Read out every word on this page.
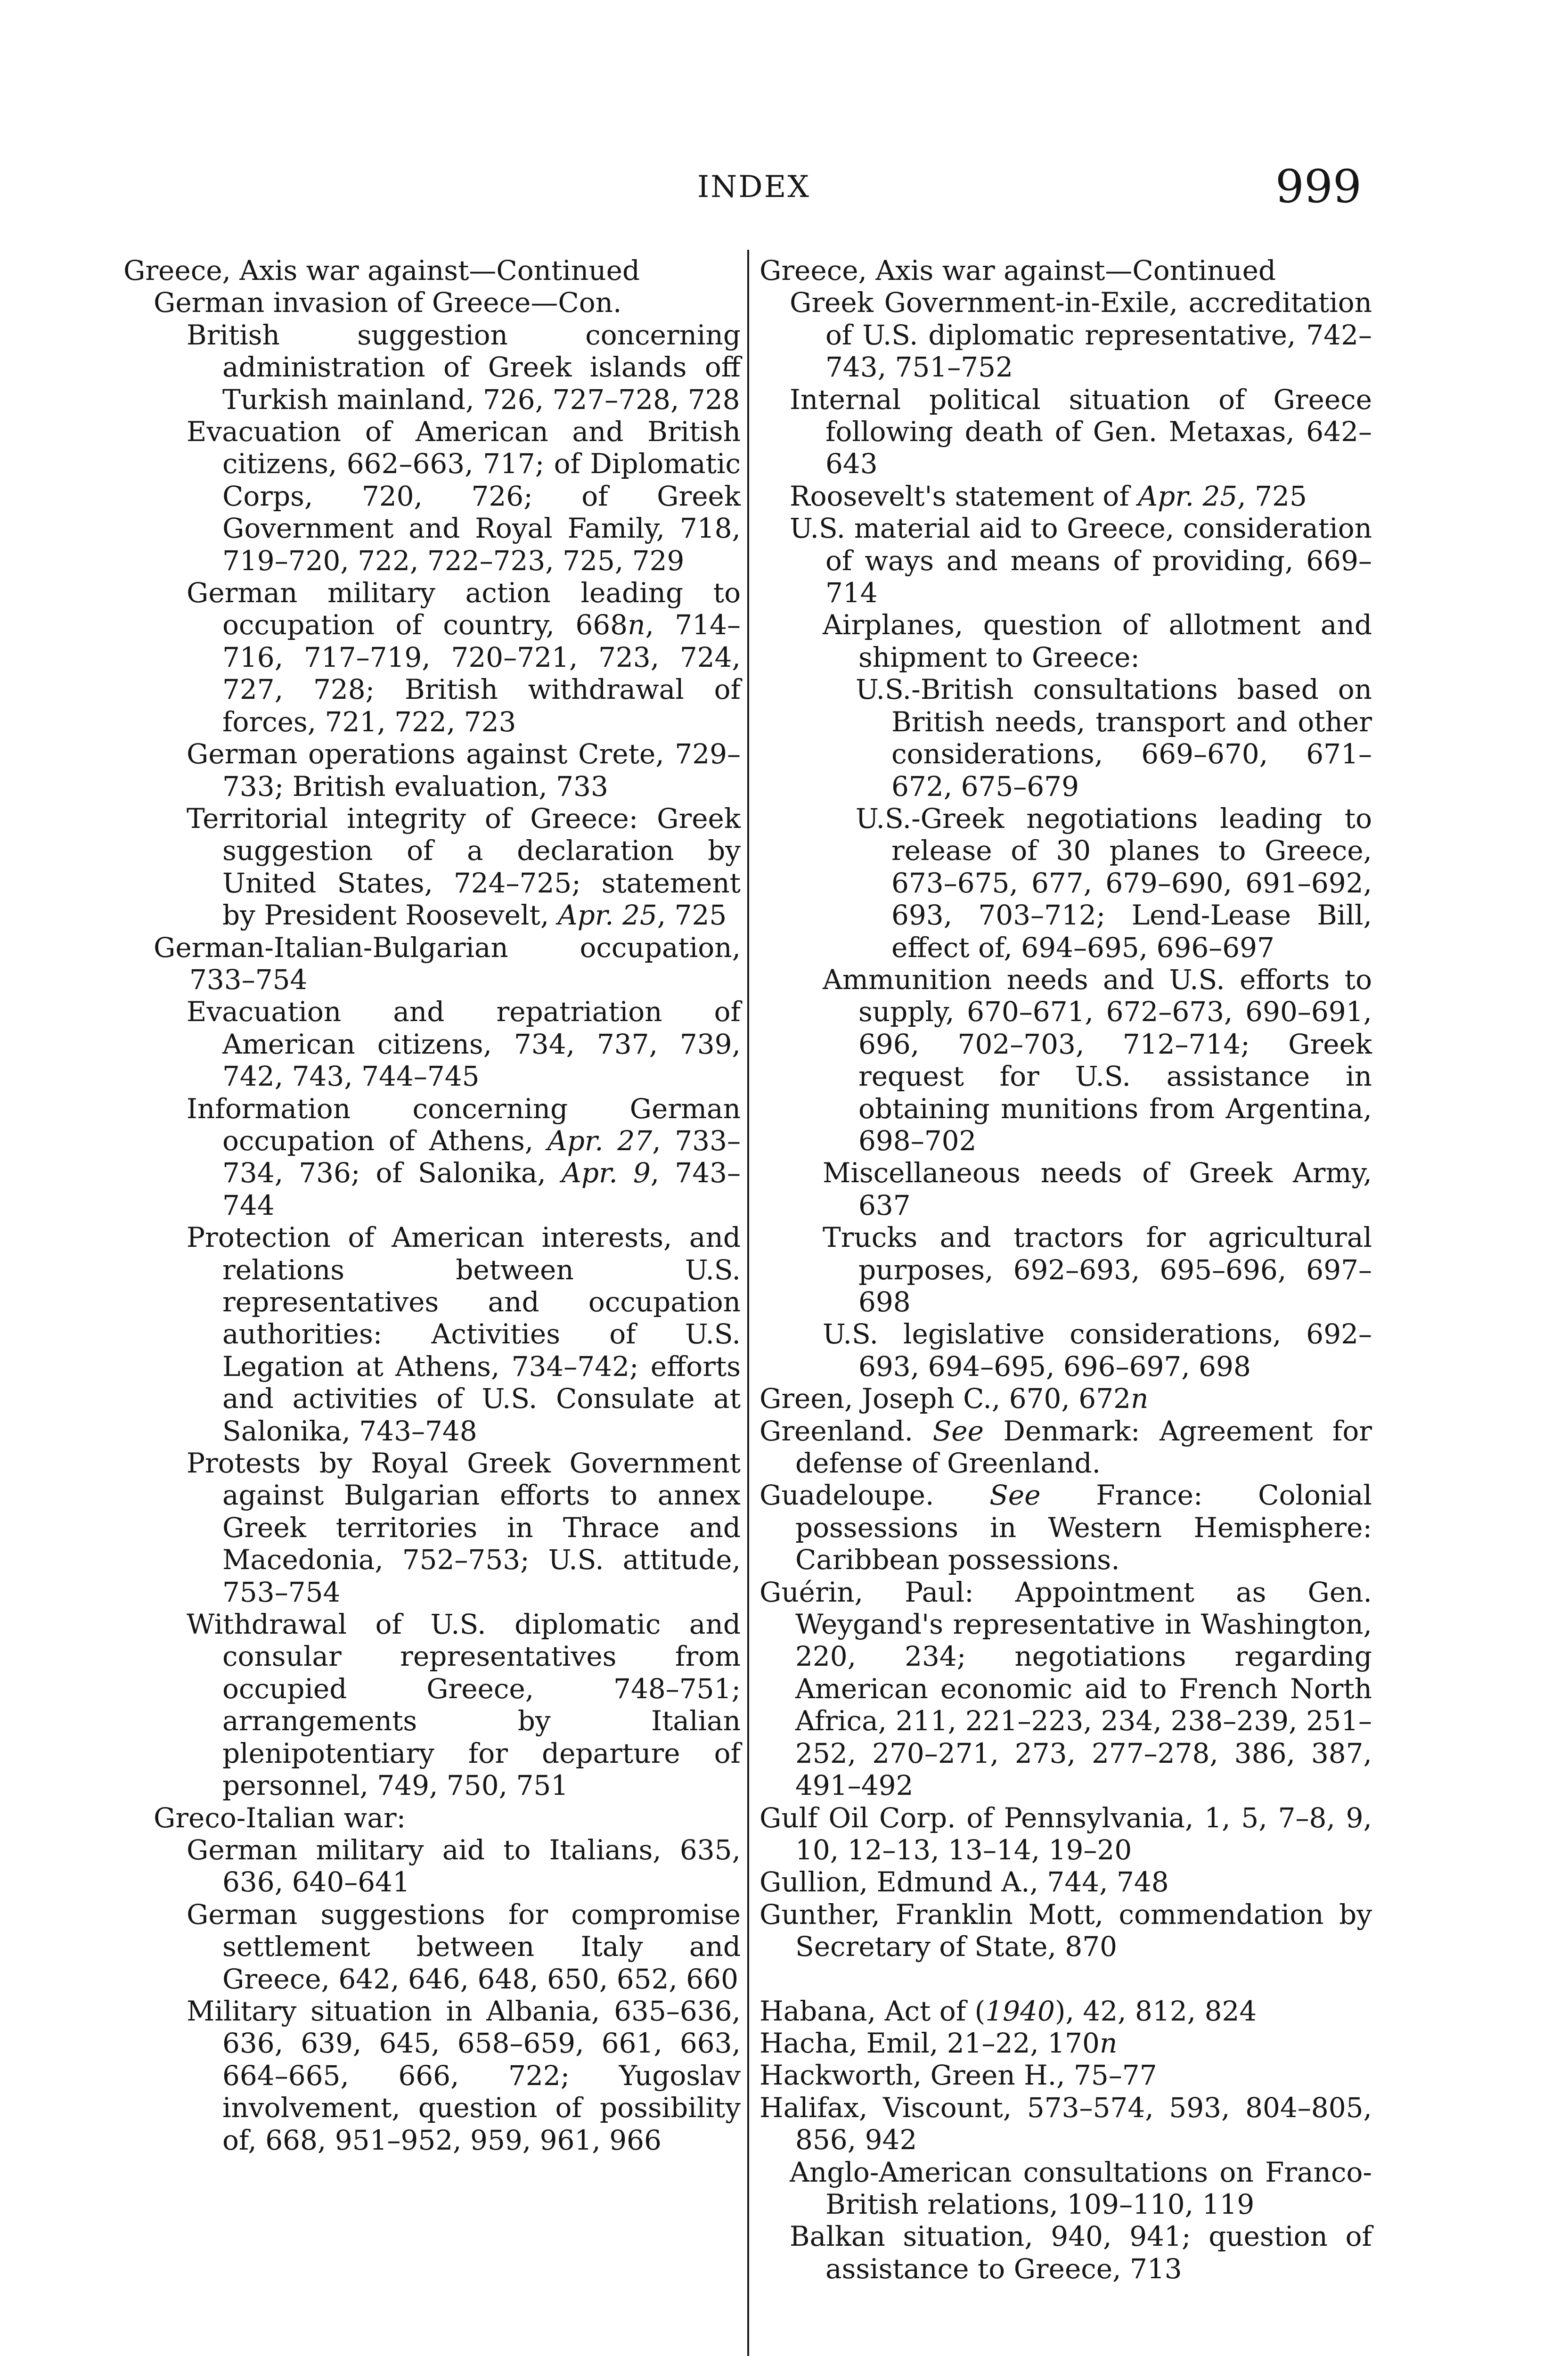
INDEX	999
Greece, Axis war against—Continued
German invasion of Greece—Con.
British suggestion concerning administration of Greek islands off Turkish mainland, 726, 727–728, 728
Evacuation of American and British citizens, 662–663, 717; of Diplomatic Corps, 720, 726; of Greek Government and Royal Family, 718, 719–720, 722, 722–723, 725, 729
German military action leading to occupation of country, 668n, 714–716, 717–719, 720–721, 723, 724, 727, 728; British withdrawal of forces, 721, 722, 723
German operations against Crete, 729–733; British evaluation, 733
Territorial integrity of Greece: Greek suggestion of a declaration by United States, 724–725; statement by President Roosevelt, Apr. 25, 725
German-Italian-Bulgarian occupation, 733–754
Evacuation and repatriation of American citizens, 734, 737, 739, 742, 743, 744–745
Information concerning German occupation of Athens, Apr. 27, 733–734, 736; of Salonika, Apr. 9, 743–744
Protection of American interests, and relations between U.S. representatives and occupation authorities: Activities of U.S. Legation at Athens, 734–742; efforts and activities of U.S. Consulate at Salonika, 743–748
Protests by Royal Greek Government against Bulgarian efforts to annex Greek territories in Thrace and Macedonia, 752–753; U.S. attitude, 753–754
Withdrawal of U.S. diplomatic and consular representatives from occupied Greece, 748–751; arrangements by Italian plenipotentiary for departure of personnel, 749, 750, 751
Greco-Italian war:
German military aid to Italians, 635, 636, 640–641
German suggestions for compromise settlement between Italy and Greece, 642, 646, 648, 650, 652, 660
Military situation in Albania, 635–636, 636, 639, 645, 658–659, 661, 663, 664–665, 666, 722; Yugoslav involvement, question of possibility of, 668, 951–952, 959, 961, 966
Greece, Axis war against—Continued
Greek Government-in-Exile, accreditation of U.S. diplomatic representative, 742–743, 751–752
Internal political situation of Greece following death of Gen. Metaxas, 642–643
Roosevelt's statement of Apr. 25, 725
U.S. material aid to Greece, consideration of ways and means of providing, 669–714
Airplanes, question of allotment and shipment to Greece:
U.S.-British consultations based on British needs, transport and other considerations, 669–670, 671–672, 675–679
U.S.-Greek negotiations leading to release of 30 planes to Greece, 673–675, 677, 679–690, 691–692, 693, 703–712; Lend-Lease Bill, effect of, 694–695, 696–697
Ammunition needs and U.S. efforts to supply, 670–671, 672–673, 690–691, 696, 702–703, 712–714; Greek request for U.S. assistance in obtaining munitions from Argentina, 698–702
Miscellaneous needs of Greek Army, 637
Trucks and tractors for agricultural purposes, 692–693, 695–696, 697–698
U.S. legislative considerations, 692–693, 694–695, 696–697, 698
Green, Joseph C., 670, 672n
Greenland. See Denmark: Agreement for defense of Greenland.
Guadeloupe. See France: Colonial possessions in Western Hemisphere: Caribbean possessions.
Guérin, Paul: Appointment as Gen. Weygand's representative in Washington, 220, 234; negotiations regarding American economic aid to French North Africa, 211, 221–223, 234, 238–239, 251–252, 270–271, 273, 277–278, 386, 387, 491–492
Gulf Oil Corp. of Pennsylvania, 1, 5, 7–8, 9, 10, 12–13, 13–14, 19–20
Gullion, Edmund A., 744, 748
Gunther, Franklin Mott, commendation by Secretary of State, 870
Habana, Act of (1940), 42, 812, 824
Hacha, Emil, 21–22, 170n
Hackworth, Green H., 75–77
Halifax, Viscount, 573–574, 593, 804–805, 856, 942
Anglo-American consultations on Franco-British relations, 109–110, 119
Balkan situation, 940, 941; question of assistance to Greece, 713
